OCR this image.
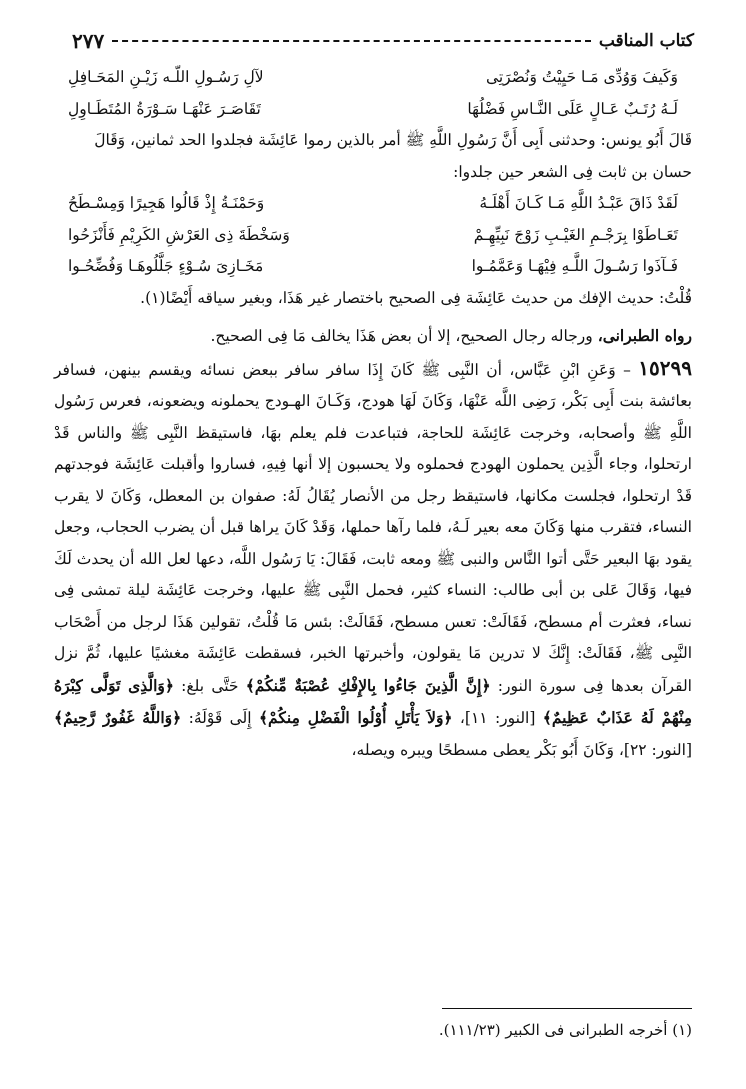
كتاب المناقب
٢٧٧
وَكَيفَ وَوُدِّى مَـا حَيِيْتُ وَنُصْرَتِى
لآلِ رَسُـولِ اللّـه زَيْـنِ المَحَـافِلِ
لَـهُ رُتَـبٌ عَـالٍ عَلَى النَّـاسِ فَضْلُهَا
تَقَاصَـرَ عَنْهَـا سَـوْرَةُ المُتَطَـاوِلِ

قَالَ أَبُو يونس: وحدثنى أَبِى أَنَّ رَسُولِ اللَّهِ ﷺ أمر بالذين رموا عَائِشَة فجلدوا الحد ثمانين، وَقَالَ حسان بن ثابت فِى الشعر حين جلدوا:

لَقَدْ ذَاقَ عَبْـدُ اللَّهِ مَـا كَـانَ أَهْلَـهُ
وَحَمْنَـةُ إِذْ قَالُوا هَجِيرًا وَمِسْـطَحُ
تَعَـاطَوْا بِرَجْـمِ الغَيْـبِ زَوْجَ نَبِيِّهِـمْ
وَسَخْطَةَ ذِى العَرْشِ الكَرِيْمِ فَأَنْزَحُوا
فَـآذَوا رَسُـولَ اللَّـهِ فِيْهَـا وَعَمَّمُـوا
مَخَـازِىَ سُـوْءٍ جَلَّلُوهَـا وَفُضِّحُـوا

قُلْتُ: حديث الإفك من حديث عَائِشَة فِى الصحيح باختصار غير هَذَا، وبغير سياقه أَيْضًا(١).

رواه الطبرانى، ورجاله رجال الصحيح، إلا أن بعض هَذَا يخالف مَا فِى الصحيح.

١٥٢٩٩ – وَعَنِ ابْنِ عَبَّاس، أن النَّبِى ﷺ كَانَ إِذَا سافر سافر ببعض نسائه ويقسم بينهن، فسافر بعائشة بنت أَبِى بَكْر، رَضِى اللَّه عَنْهَا، وَكَانَ لَهَا هودج، وَكَـانَ الهـودج يحملونه ويضعونه، فعرس رَسُول اللَّهِ ﷺ وأصحابه، وخرجت عَائِشَة للحاجة، فتباعدت فلم يعلم بهَا، فاستيقظ النَّبِى ﷺ والناس قَدْ ارتحلوا، وجاء الَّذِين يحملون الهودج فحملوه ولا يحسبون إلا أنها فِيهِ، فساروا وأقبلت عَائِشَة فوجدتهم قَدْ ارتحلوا، فجلست مكانها، فاستيقظ رجل من الأنصار يُقَالُ لَهُ: صفوان بن المعطل، وَكَانَ لا يقرب النساء، فتقرب منها وَكَانَ معه بعير لَـهُ، فلما رآها حملها، وَقَدْ كَانَ يراها قبل أن يضرب الحجاب، وجعل يقود بهَا البعير حَتَّى أتوا النَّاس والنبى ﷺ ومعه ثابت، فَقَالَ: يَا رَسُول اللَّه، دعها لعل الله أن يحدث لَكَ فيها، وَقَالَ عَلى بن أبى طالب: النساء كثير، فحمل النَّبِى ﷺ عليها، وخرجت عَائِشَة ليلة تمشى فِى نساء، فعثرت أم مسطح، فَقَالَتْ: تعس مسطح، فَقَالَتْ: بئس مَا قُلْتُ، تقولين هَذَا لرجل من أَصْحَاب النَّبِى ﷺ، فَقَالَتْ: إِنَّكَ لا تدرين مَا يقولون، وأخبرتها الخبر، فسقطت عَائِشَة مغشيًا عليها، ثُمَّ نزل القرآن بعدها فِى سورة النور: ﴿إِنَّ الَّذِينَ جَاءُوا بِالإِفْكِ عُصْبَةٌ مِّنكُمْ﴾ حَتَّى بلغ: ﴿وَالَّذِى تَوَلَّى كِبْرَهُ مِنْهُمْ لَهُ عَذَابٌ عَظِيمٌ﴾ [النور: ١١]، ﴿وَلاَ يَأْتَلِ أُوْلُوا الْفَضْلِ مِنكُمْ﴾ إِلَى قَوْلَهُ: ﴿وَاللَّهُ غَفُورٌ رَّحِيمٌ﴾ [النور: ٢٢]، وَكَانَ أَبُو بَكْر يعطى مسطحًا ويبره ويصله،

(١) أخرجه الطبرانى فى الكبير (١١١/٢٣).
